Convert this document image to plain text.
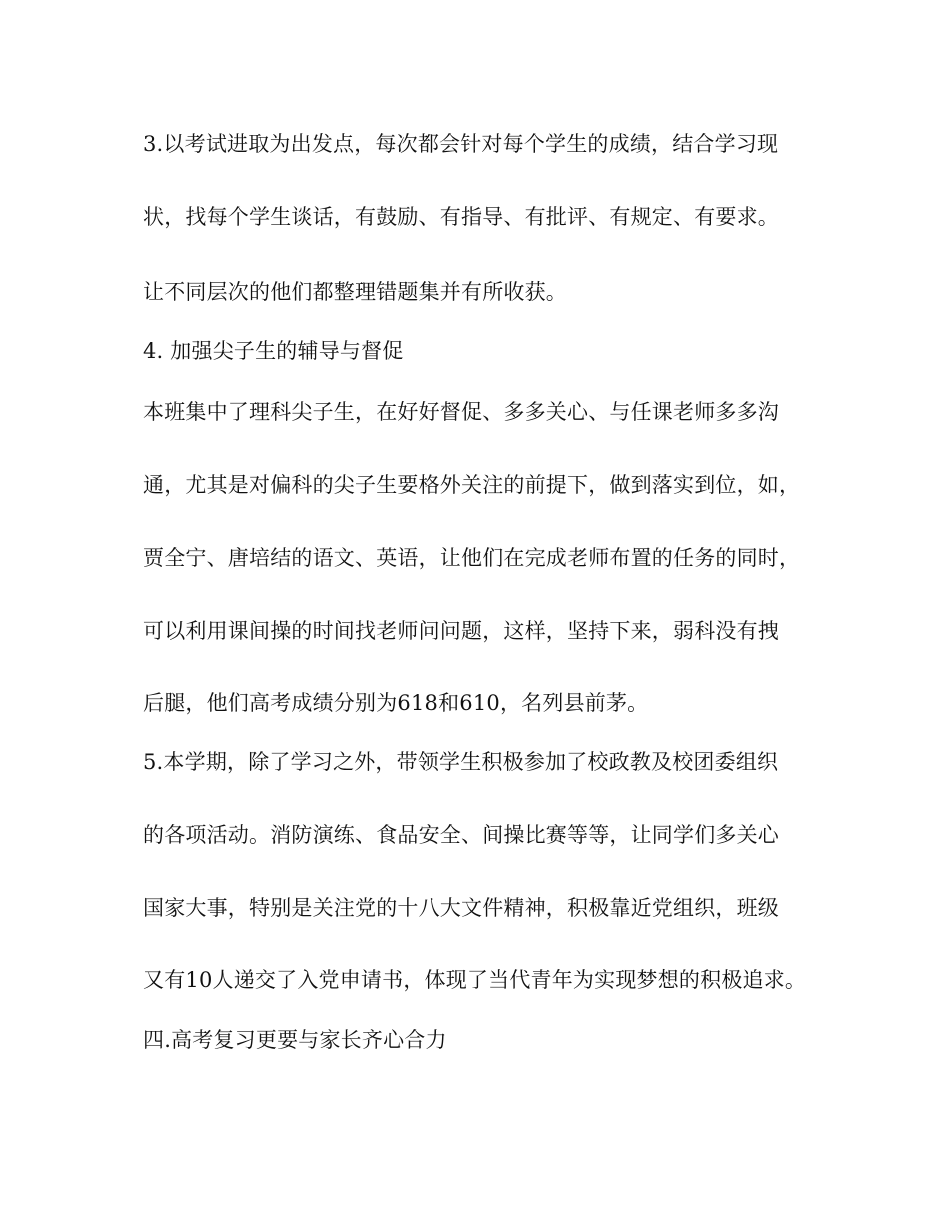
3.以考试进取为出发点，每次都会针对每个学生的成绩，结合学习现

状，找每个学生谈话，有鼓励、有指导、有批评、有规定、有要求。

让不同层次的他们都整理错题集并有所收获。

4. 加强尖子生的辅导与督促

本班集中了理科尖子生，在好好督促、多多关心、与任课老师多多沟

通，尤其是对偏科的尖子生要格外关注的前提下，做到落实到位，如，

贾全宁、唐培结的语文、英语，让他们在完成老师布置的任务的同时，

可以利用课间操的时间找老师问问题，这样，坚持下来，弱科没有拽

后腿，他们高考成绩分别为618和610，名列县前茅。

5.本学期，除了学习之外，带领学生积极参加了校政教及校团委组织

的各项活动。消防演练、食品安全、间操比赛等等，让同学们多关心

国家大事，特别是关注党的十八大文件精神，积极靠近党组织，班级

又有10人递交了入党申请书，体现了当代青年为实现梦想的积极追求。

四.高考复习更要与家长齐心合力
